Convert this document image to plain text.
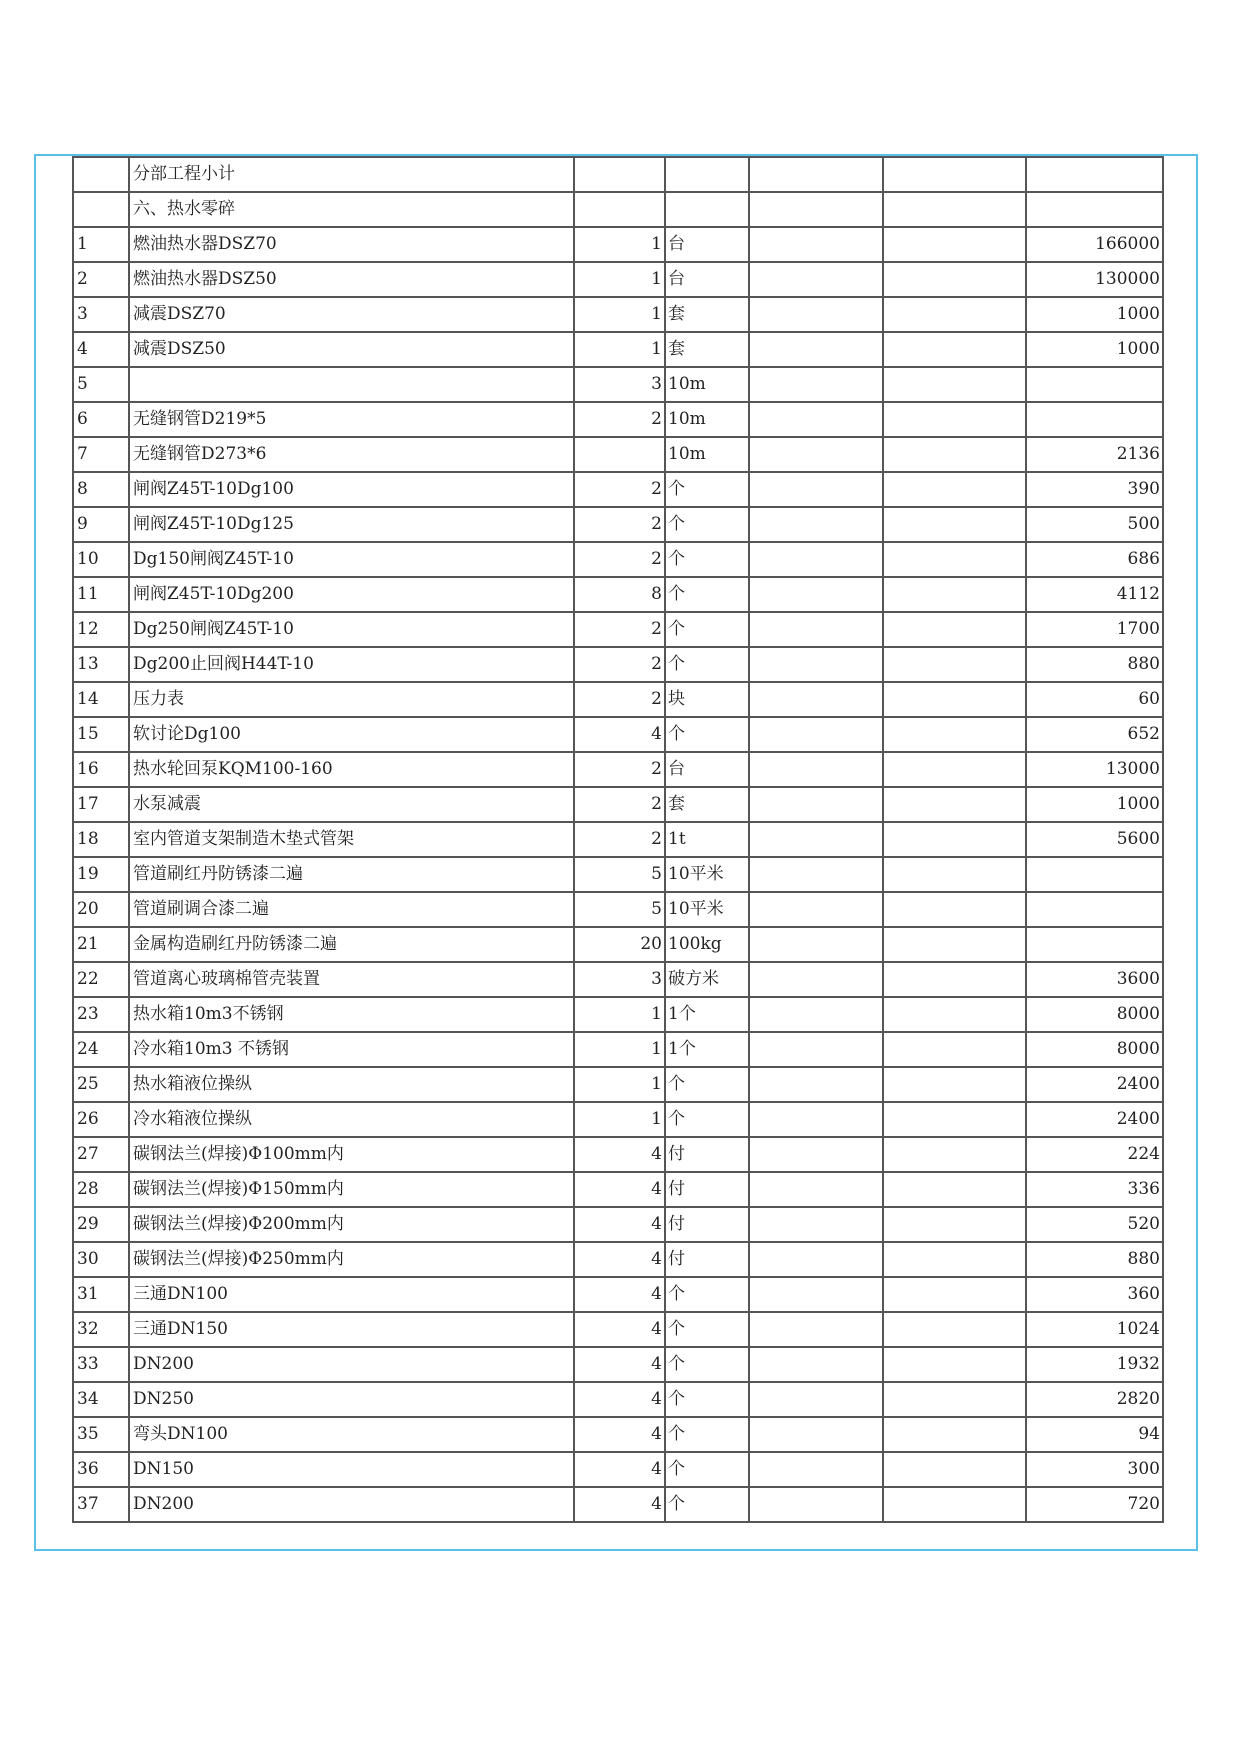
	分部工程小计					
	六、热水零碎					
1	燃油热水器DSZ70	1	台			166000
2	燃油热水器DSZ50	1	台			130000
3	减震DSZ70	1	套			1000
4	减震DSZ50	1	套			1000
5		3	10m			
6	无缝钢管D219*5	2	10m			
7	无缝钢管D273*6		10m			2136
8	闸阀Z45T-10Dg100	2	个			390
9	闸阀Z45T-10Dg125	2	个			500
10	Dg150闸阀Z45T-10	2	个			686
11	闸阀Z45T-10Dg200	8	个			4112
12	Dg250闸阀Z45T-10	2	个			1700
13	Dg200止回阀H44T-10	2	个			880
14	压力表	2	块			60
15	软讨论Dg100	4	个			652
16	热水轮回泵KQM100-160	2	台			13000
17	水泵减震	2	套			1000
18	室内管道支架制造木垫式管架	2	1t			5600
19	管道刷红丹防锈漆二遍	5	10平米			
20	管道刷调合漆二遍	5	10平米			
21	金属构造刷红丹防锈漆二遍	20	100kg			
22	管道离心玻璃棉管壳装置	3	破方米			3600
23	热水箱10m3不锈钢	1	1个			8000
24	冷水箱10m3 不锈钢	1	1个			8000
25	热水箱液位操纵	1	个			2400
26	冷水箱液位操纵	1	个			2400
27	碳钢法兰(焊接)Φ100mm内	4	付			224
28	碳钢法兰(焊接)Φ150mm内	4	付			336
29	碳钢法兰(焊接)Φ200mm内	4	付			520
30	碳钢法兰(焊接)Φ250mm内	4	付			880
31	三通DN100	4	个			360
32	三通DN150	4	个			1024
33	DN200	4	个			1932
34	DN250	4	个			2820
35	弯头DN100	4	个			94
36	DN150	4	个			300
37	DN200	4	个			720
